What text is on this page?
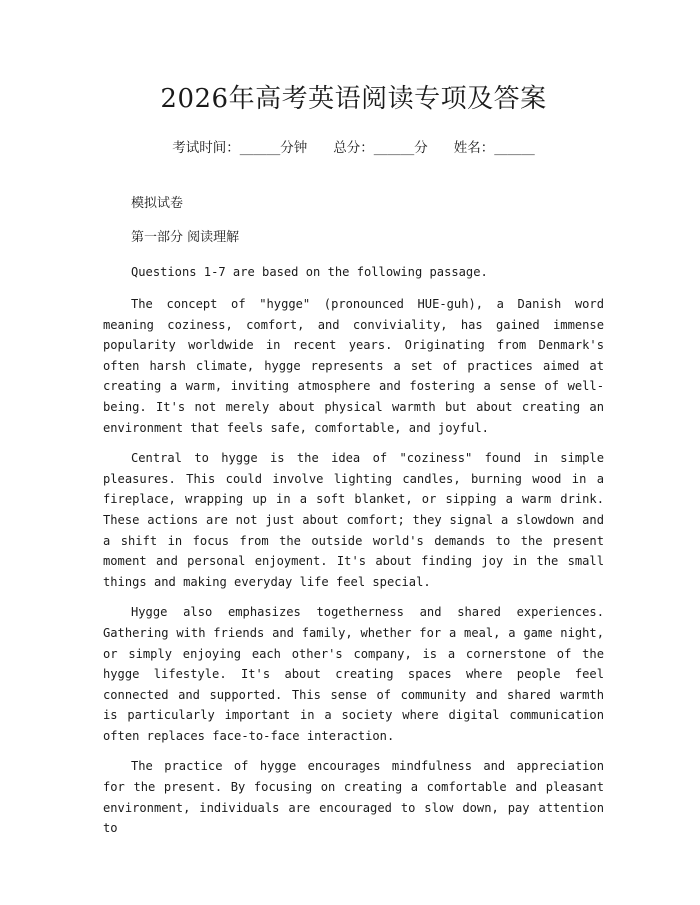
2026年高考英语阅读专项及答案
考试时间：______分钟 总分：______分 姓名：______

模拟试卷

第一部分 阅读理解

Questions 1-7 are based on the following passage.

The concept of "hygge" (pronounced HUE-guh), a Danish word meaning coziness, comfort, and conviviality, has gained immense popularity worldwide in recent years. Originating from Denmark's often harsh climate, hygge represents a set of practices aimed at creating a warm, inviting atmosphere and fostering a sense of well-being. It's not merely about physical warmth but about creating an environment that feels safe, comfortable, and joyful.

Central to hygge is the idea of "coziness" found in simple pleasures. This could involve lighting candles, burning wood in a fireplace, wrapping up in a soft blanket, or sipping a warm drink. These actions are not just about comfort; they signal a slowdown and a shift in focus from the outside world's demands to the present moment and personal enjoyment. It's about finding joy in the small things and making everyday life feel special.

Hygge also emphasizes togetherness and shared experiences. Gathering with friends and family, whether for a meal, a game night, or simply enjoying each other's company, is a cornerstone of the hygge lifestyle. It's about creating spaces where people feel connected and supported. This sense of community and shared warmth is particularly important in a society where digital communication often replaces face-to-face interaction.

The practice of hygge encourages mindfulness and appreciation for the present. By focusing on creating a comfortable and pleasant environment, individuals are encouraged to slow down, pay attention to
